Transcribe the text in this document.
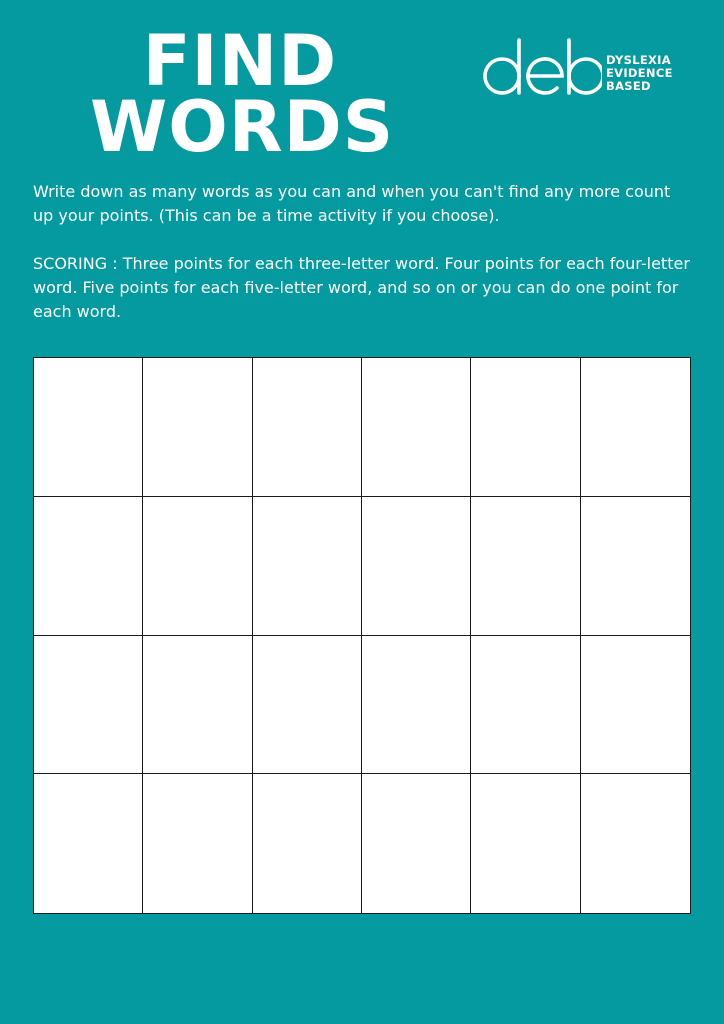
FIND
WORDS
DYSLEXIA
EVIDENCE
BASED

Write down as many words as you can and when you can't find any more count up your points. (This can be a time activity if you choose).

SCORING : Three points for each three-letter word. Four points for each four-letter word. Five points for each five-letter word, and so on or you can do one point for each word.
